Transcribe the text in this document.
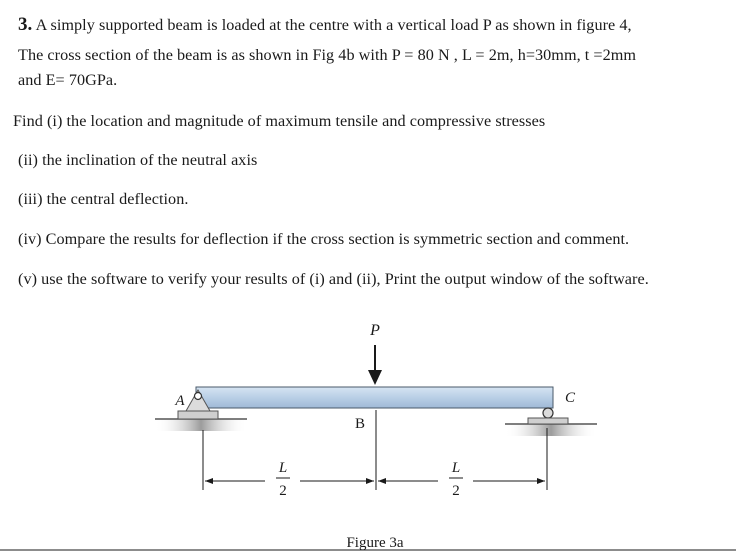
3. A simply supported beam is loaded at the centre with a vertical load P as shown in figure 4,
The cross section of the beam is as shown in Fig 4b with P = 80 N , L = 2m, h=30mm, t =2mm
and E= 70GPa.
Find (i) the location and magnitude of maximum tensile and compressive stresses
(ii) the inclination of the neutral axis
(iii) the central deflection.
(iv) Compare the results for deflection if the cross section is symmetric section and comment.
(v) use the software to verify your results of (i) and (ii), Print the output window of the software.
P
A	C
B
L
2
L
2
Figure 3a
